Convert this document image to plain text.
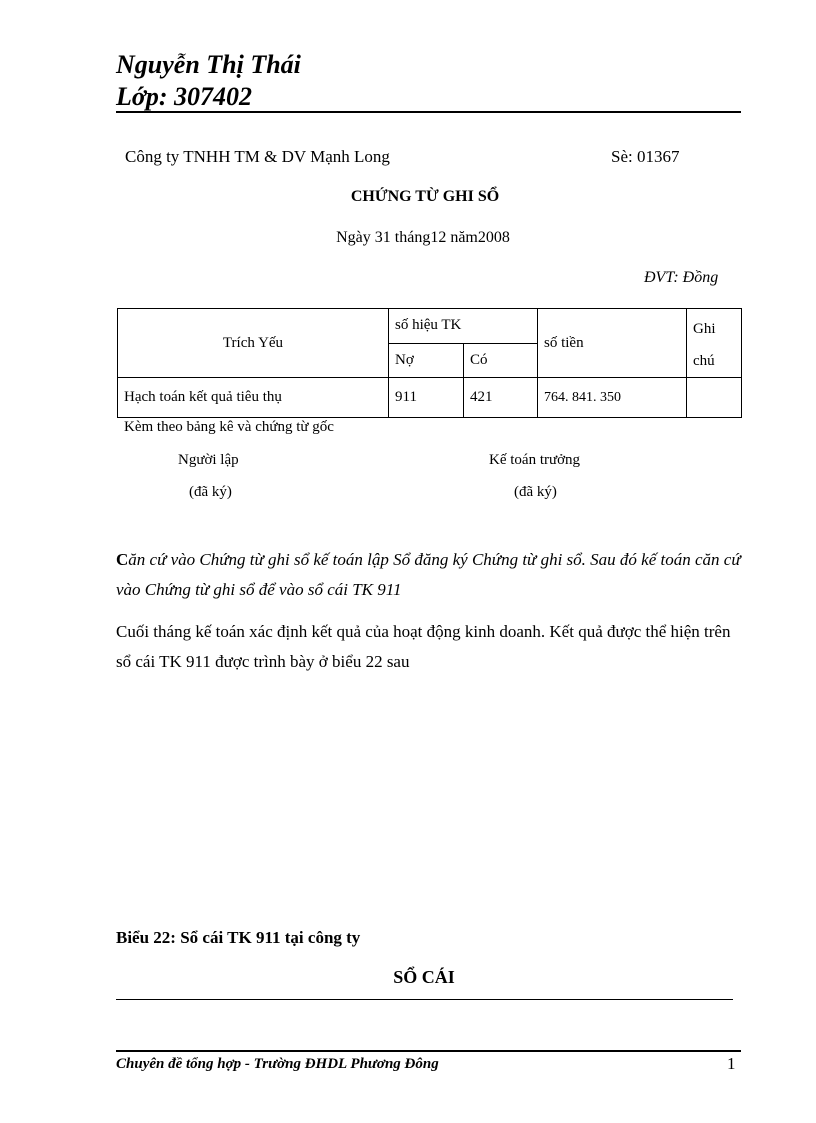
Nguyễn Thị Thái
Lớp: 307402
Công ty TNHH TM & DV Mạnh Long	Sè: 01367
CHỨNG TỪ GHI SỔ
Ngày 31 tháng12 năm2008
ĐVT: Đồng
Trích Yếu	số hiệu TK		số tiền	Ghi chú
	Nợ	Có		
Hạch toán kết quả tiêu thụ	911	421	764. 841. 350	
Kèm theo bảng kê và chứng từ gốc
Người lập
(đã ký)
Kế toán trưởng
(đã ký)
Căn cứ vào Chứng từ ghi sổ kế toán lập Sổ đăng ký Chứng từ ghi sổ. Sau đó kế toán căn cứ vào Chứng từ ghi sổ để vào sổ cái TK 911
Cuối tháng kế toán xác định kết quả của hoạt động kinh doanh. Kết quả được thể hiện trên sổ cái TK 911 được trình bày ở biểu 22 sau
Biểu 22: Sổ cái TK 911 tại công ty
SỔ CÁI
Chuyên đề tổng hợp - Trường ĐHDL Phương Đông	1
